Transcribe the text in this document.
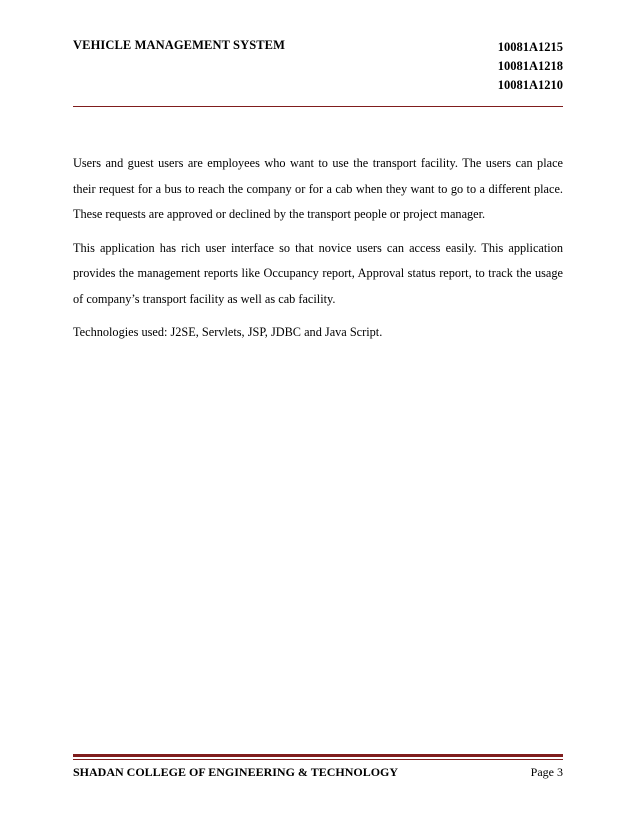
VEHICLE MANAGEMENT SYSTEM	10081A1215
10081A1218
10081A1210

Users and guest users are employees who want to use the transport facility. The users can place their request for a bus to reach the company or for a cab when they want to go to a different place. These requests are approved or declined by the transport people or project manager.

This application has rich user interface so that novice users can access easily. This application provides the management reports like Occupancy report, Approval status report, to track the usage of company’s transport facility as well as cab facility.

Technologies used: J2SE, Servlets, JSP, JDBC and Java Script.

SHADAN COLLEGE OF ENGINEERING & TECHNOLOGY	Page 3
